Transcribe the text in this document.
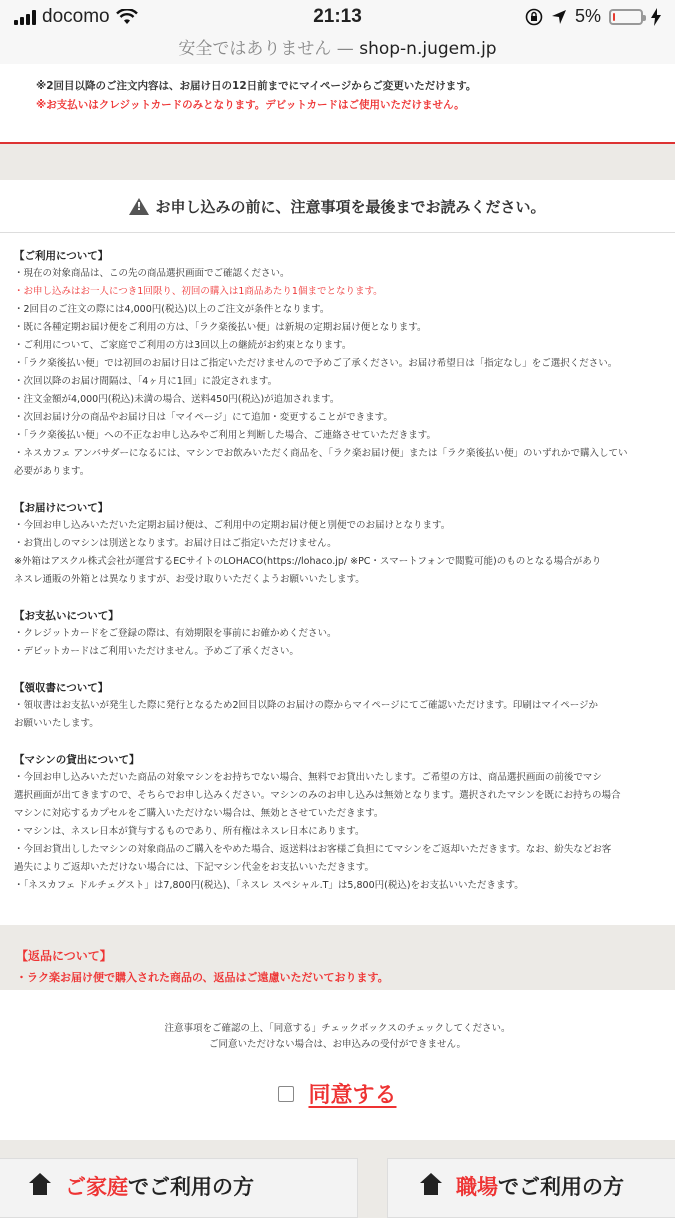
docomo	21:13	5%
安全ではありません — shop-n.jugem.jp
※2回目以降のご注文内容は、お届け日の12日前までにマイページからご変更いただけます。
※お支払いはクレジットカードのみとなります。デビットカードはご使用いただけません。
!
お申し込みの前に、注意事項を最後までお読みください。
【ご利用について】
・現在の対象商品は、この先の商品選択画面でご確認ください。
・お申し込みはお一人につき1回限り、初回の購入は1商品あたり1個までとなります。
・2回目のご注文の際には4,000円(税込)以上のご注文が条件となります。
・既に各種定期お届け便をご利用の方は、「ラク楽後払い便」は新規の定期お届け便となります。
・ご利用について、ご家庭でご利用の方は3回以上の継続がお約束となります。
・「ラク楽後払い便」では初回のお届け日はご指定いただけませんので予めご了承ください。お届け希望日は「指定なし」をご選択ください。
・次回以降のお届け間隔は、「4ヶ月に1回」に設定されます。
・注文金額が4,000円(税込)未満の場合、送料450円(税込)が追加されます。
・次回お届け分の商品やお届け日は「マイページ」にて追加・変更することができます。
・「ラク楽後払い便」への不正なお申し込みやご利用と判断した場合、ご連絡させていただきます。
・ネスカフェ アンバサダーになるには、マシンでお飲みいただく商品を、「ラク楽お届け便」または「ラク楽後払い便」のいずれかで購入してい
必要があります。
【お届けについて】
・今回お申し込みいただいた定期お届け便は、ご利用中の定期お届け便と別便でのお届けとなります。
・お貸出しのマシンは別送となります。お届け日はご指定いただけません。
※外箱はアスクル株式会社が運営するECサイトのLOHACO(https://lohaco.jp/ ※PC・スマートフォンで閲覧可能)のものとなる場合があり
ネスレ通販の外箱とは異なりますが、お受け取りいただくようお願いいたします。
【お支払いについて】
・クレジットカードをご登録の際は、有効期限を事前にお確かめください。
・デビットカードはご利用いただけません。予めご了承ください。
【領収書について】
・領収書はお支払いが発生した際に発行となるため2回目以降のお届けの際からマイページにてご確認いただけます。印刷はマイページか
お願いいたします。
【マシンの貸出について】
・今回お申し込みいただいた商品の対象マシンをお持ちでない場合、無料でお貸出いたします。ご希望の方は、商品選択画面の前後でマシ
選択画面が出てきますので、そちらでお申し込みください。マシンのみのお申し込みは無効となります。選択されたマシンを既にお持ちの場合
マシンに対応するカプセルをご購入いただけない場合は、無効とさせていただきます。
・マシンは、ネスレ日本が貸与するものであり、所有権はネスレ日本にあります。
・今回お貸出ししたマシンの対象商品のご購入をやめた場合、返送料はお客様ご負担にてマシンをご返却いただきます。なお、紛失などお客
過失によりご返却いただけない場合には、下記マシン代金をお支払いいただきます。
・「ネスカフェ ドルチェグスト」は7,800円(税込)、「ネスレ スペシャル.T」は5,800円(税込)をお支払いいただきます。
【返品について】
・ラク楽お届け便で購入された商品の、返品はご遠慮いただいております。
注意事項をご確認の上、「同意する」チェックボックスのチェックしてください。
ご同意いただけない場合は、お申込みの受付ができません。
同意する
ご家庭でご利用の方	職場でご利用の方
